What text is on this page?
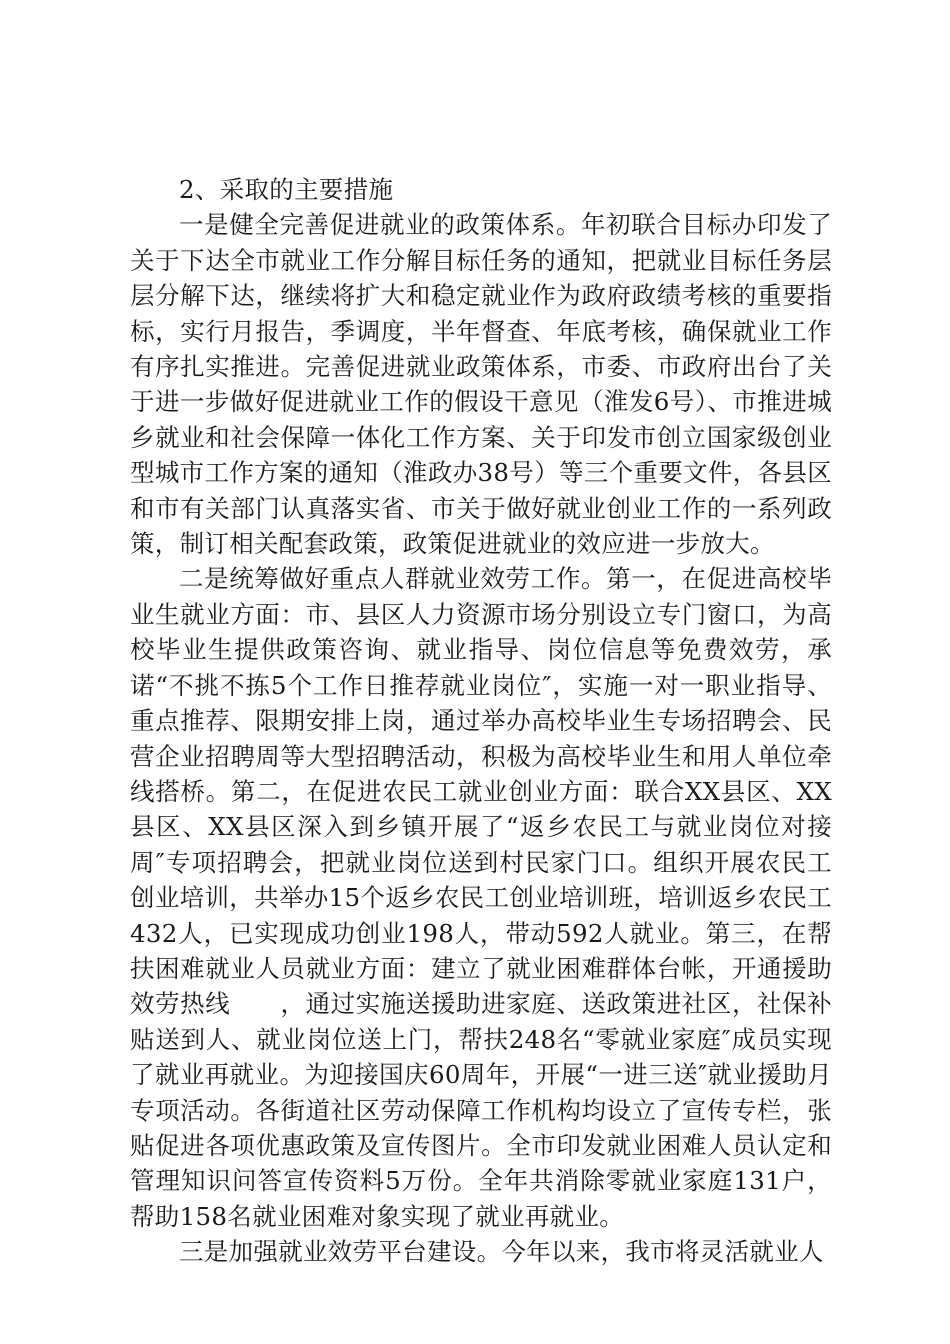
2、采取的主要措施

一是健全完善促进就业的政策体系。年初联合目标办印发了关于下达全市就业工作分解目标任务的通知，把就业目标任务层层分解下达，继续将扩大和稳定就业作为政府政绩考核的重要指标，实行月报告，季调度，半年督查、年底考核，确保就业工作有序扎实推进。完善促进就业政策体系，市委、市政府出台了关于进一步做好促进就业工作的假设干意见（淮发6号）、市推进城乡就业和社会保障一体化工作方案、关于印发市创立国家级创业型城市工作方案的通知（淮政办38号）等三个重要文件，各县区和市有关部门认真落实省、市关于做好就业创业工作的一系列政策，制订相关配套政策，政策促进就业的效应进一步放大。

二是统筹做好重点人群就业效劳工作。第一，在促进高校毕业生就业方面：市、县区人力资源市场分别设立专门窗口，为高校毕业生提供政策咨询、就业指导、岗位信息等免费效劳，承诺“不挑不拣5个工作日推荐就业岗位″，实施一对一职业指导、重点推荐、限期安排上岗，通过举办高校毕业生专场招聘会、民营企业招聘周等大型招聘活动，积极为高校毕业生和用人单位牵线搭桥。第二，在促进农民工就业创业方面：联合XX县区、XX县区、XX县区深入到乡镇开展了“返乡农民工与就业岗位对接周″专项招聘会，把就业岗位送到村民家门口。组织开展农民工创业培训，共举办15个返乡农民工创业培训班，培训返乡农民工432人，已实现成功创业198人，带动592人就业。第三，在帮扶困难就业人员就业方面：建立了就业困难群体台帐，开通援助效劳热线　　，通过实施送援助进家庭、送政策进社区，社保补贴送到人、就业岗位送上门，帮扶248名“零就业家庭″成员实现了就业再就业。为迎接国庆60周年，开展“一进三送″就业援助月专项活动。各街道社区劳动保障工作机构均设立了宣传专栏，张贴促进各项优惠政策及宣传图片。全市印发就业困难人员认定和管理知识问答宣传资料5万份。全年共消除零就业家庭131户，帮助158名就业困难对象实现了就业再就业。

三是加强就业效劳平台建设。今年以来，我市将灵活就业人
